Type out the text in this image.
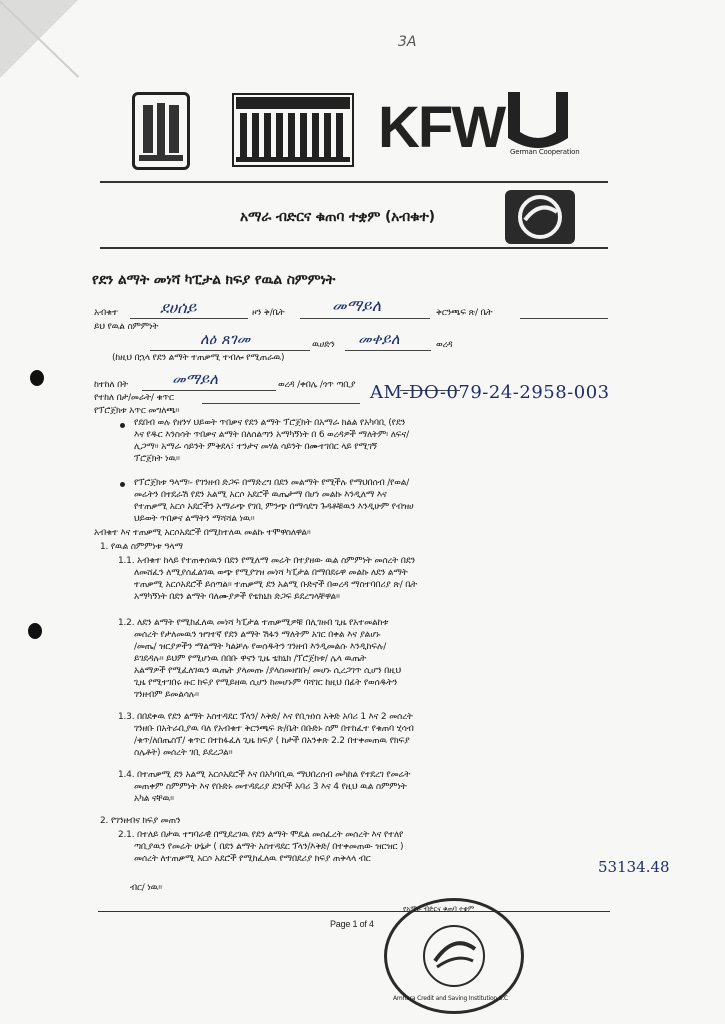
3A
KFW German Cooperation
አማራ ብድርና ቁጠባ ተቋም (አብቁተ)
የደን ልማት መነሻ ካፒታል ክፍያ የዉል ስምምነት
አብቁተ	ደሀሰይ	ዞን ቅ/ቤት	መማይለ	ቅርንጫፍ ጽ/ ቤት
ይህ የዉል ስምምነት
ለዕ ጸገመ	ዉሀድን መቀይለ	ወረዳ
(ከዚህ በኋላ የደን ልማት ተጠቃሚ ተብሎ የሚጠራዉ)
ከተከለ በት	መማይለ	ወረዳ /ቀበሌ /ጎጥ ጣቢያ
የተከለ በታ/መራት/ ቁጥር	AM-DO-079-24-2958-003
የፕሮጀክቱ አጥር መግለጫ፡፡
የደበብ ወሉ የዘንሃ ህይወት ጥበቃና የደን ልማት ፕሮጀክት በአማራ ክልል የአካባቢ (የደን
እና የዱር እንስሳት ጥበቃና ልማት በለሰልጣን አማካኝነት በ 6 ወረዳዎች ማለትም፡ ለፍና/
ሊጋማ፡፡ አማራ ሳይንት ምቅደላ፣ ተንታና መሃል ሳይንት በሙተገበር ላይ የሚገኝ
ፕሮጀክት ነዉ፡፡
የፕሮጀክቱ ዓላማ፡- የገንዘብ ድጋፍ በማድረግ በደን መልማት የሚችሉ የማህበሰብ /የወል/
መሬትን በተደራሽ የደን አልሚ አርሶ አደሮች ዉጤታማ በሆነ መልኩ እንዲለማ እና
የተጠቃሚ አርሶ አደሮችን አማራጭ የገቢ ምንጭ በማሳደግ ጉዳቶቹዉን እንዲሁም የብዝሀ
ህይወት ጥበቃና ልማትን ማሻሻል ነዉ፡፡
አብቁተ እና ተጠቃሚ አርሶአደሮች በሚከተለዉ መልኩ ተሞዋስለዋል፡፡
1. የዉል ስምምነቱ ዓላማ
1.1. አብቁተ ከላይ የተጠቀሰዉን በደን የሚለማ መሬት በተያዘው ዉል ስምምነት መሰረት በደን
ለመሸፈን ለሚያሰፈልገዉ ወጭ የሚያገዝ መነሻ ካፒታል በማበደሩዋ መልኩ ለደን ልማት
ተጠቃሚ አርሶአደሮች ይሰጣል፡፡ ተጠቃሚ ደን አልሚ ቡድኖች በወረዳ ማስተባበሪያ ጽ/ ቤት
አማካኝነት በደን ልማት ባለሙያዎች የቴክኒክ ድጋፍ ይደረግላቸዋል፡፡
1.2. ለደን ልማት የሚከፈለዉ መነሻ ካፒታል ተጠቃሚዎቹ በሊገዙበ ጊዜ የአተመልከቱ
መሰረት የታለመዉን ዝግተኛ የደን ልማት ሽፋን ማለትም አገር በቀል እና ያልሆኑ
/መጤ/ ዝርያዎችን ማልማት ካልቻሉ የወሰዱትን ገንዘብ እንዲመልሱ እንዲከፍሉ/
ይገደዳሉ፡፡ ይህም የሚሆነዉ በበቡ ዋናን ጊዜ ቴክኒክ /ፕሮጀክቱ/ ሌላ ዉጤት
አልማዎች የሚፈለገዉን ዉጤት ያላመጡ /ያላስመዘገቡ/ መሆኑ ሲረጋገጥ ሲሆን በዚህ
ጊዜ የሚተገበሩ ዙር ክፍያ የሚይዘዉ ሲሆን ከመሆኑም ባሻገር ከዚህ በፊት የወሰዱትን
ገንዘብም ይመልሳሉ፡፡
1.3. በበደቀዉ የደን ልማት አስተዳደር ፕላን/ እቅድ/ እና የቢዝነስ አቅድ አባሪ 1 እና 2 መሰረት
ገንዘቡ በአትራቢያዉ ባለ የአብቁተ ቅርንጫፍ ጽ/ቤት በቡድኑ ስም በተከፈተ የቁጠባ ሂሳብ
/ቁጥ/ለበጤስፕ/ ቁጥር በተከፋፈለ ጊዜ ክፍያ ( ከታች በአንቀጽ 2.2 በተቀመጠዉ የክፍያ
ስሌቶት) መሰረት ገቢ ይደረጋል፡፡
1.4. በተጠቃሚ ደን አልሚ አርሶአደሮች እና በአካባቢዉ ማህበረሰብ መካከል የተደረገ የመሬት
መጠቀም ስምምነት እና የቡድኑ መተዳደሪያ ደንቦች አባሪ 3 እና 4 የዚህ ዉል ስምምነት
አካል ናቸዉ፡፡
2. የገንዘብና ክፍያ መጠን
2.1. በተለይ በታዉ ተግባራዊ በሚደረገዉ የደን ልማት ሞዴል መሰፈረት መሰረት እና የተለየ
ጣቢያዉን የመሬት ሁኔታ ( በደን ልማት አስተዳደር ፕላን/እቅድ/ በተቀመጠው ዝርዝር )
መሰረት ለተጠቃሚ አርሶ አደሮች የሚከፈለዉ የማበደሪያ ክፍያ ጠቅላላ ብር	53134.48
ብር/ ነዉ፡፡
Page 1 of 4
የአማራ ብድርና ቁጠባ ተቋም
Amhara Credit and Saving Institution S.C
